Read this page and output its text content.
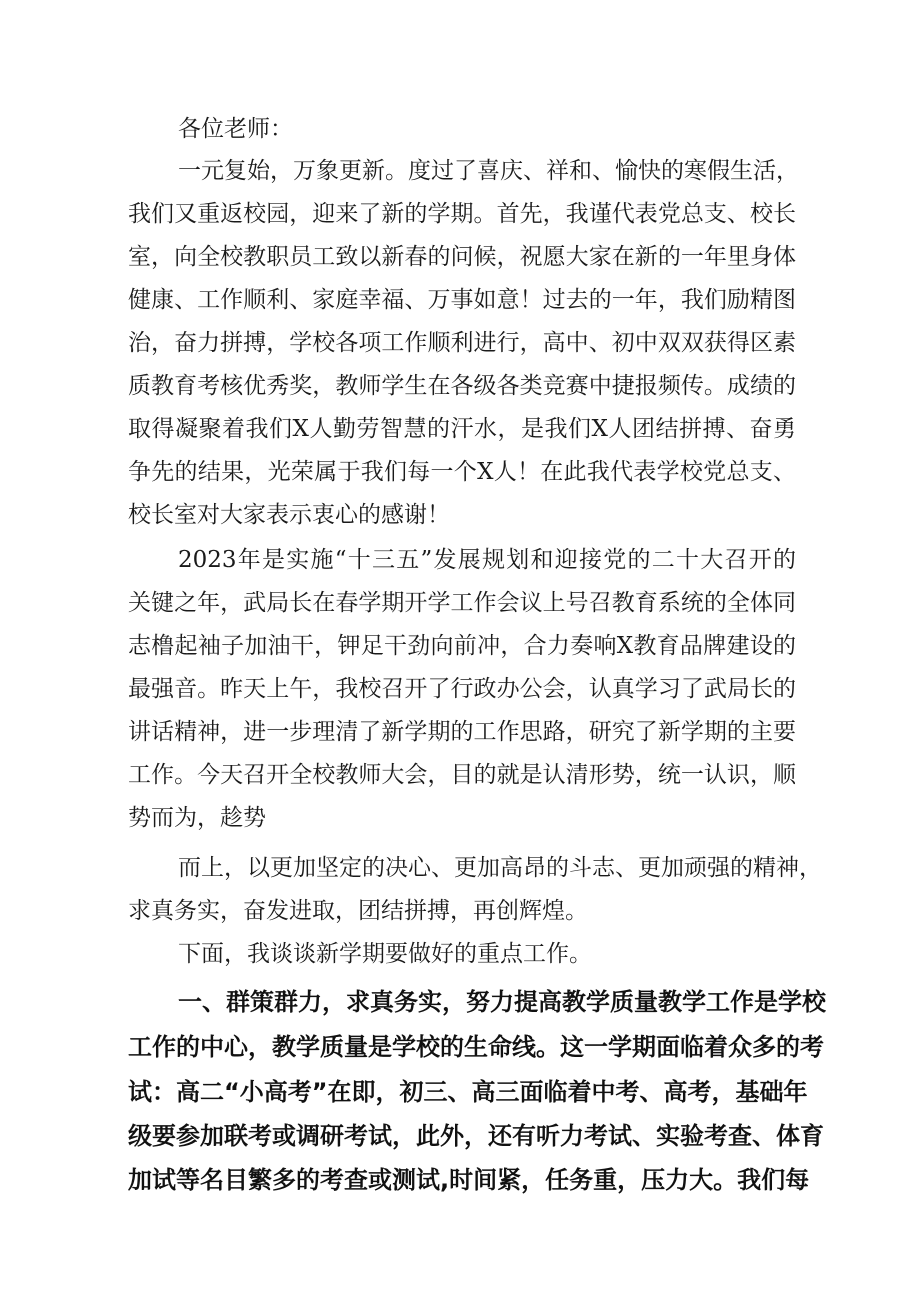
各位老师：
一元复始，万象更新。度过了喜庆、祥和、愉快的寒假生活，
我们又重返校园，迎来了新的学期。首先，我谨代表党总支、校长
室，向全校教职员工致以新春的问候，祝愿大家在新的一年里身体
健康、工作顺利、家庭幸福、万事如意！过去的一年，我们励精图
治，奋力拼搏，学校各项工作顺利进行，高中、初中双双获得区素
质教育考核优秀奖，教师学生在各级各类竞赛中捷报频传。成绩的
取得凝聚着我们X人勤劳智慧的汗水，是我们X人团结拼搏、奋勇
争先的结果，光荣属于我们每一个X人！在此我代表学校党总支、
校长室对大家表示衷心的感谢！
2023年是实施“十三五”发展规划和迎接党的二十大召开的
关键之年，武局长在春学期开学工作会议上号召教育系统的全体同
志橹起袖子加油干，钾足干劲向前冲，合力奏响X教育品牌建设的
最强音。昨天上午，我校召开了行政办公会，认真学习了武局长的
讲话精神，进一步理清了新学期的工作思路，研究了新学期的主要
工作。今天召开全校教师大会，目的就是认清形势，统一认识，顺
势而为，趁势
而上，以更加坚定的决心、更加高昂的斗志、更加顽强的精神，
求真务实，奋发进取，团结拼搏，再创辉煌。
下面，我谈谈新学期要做好的重点工作。
一、群策群力，求真务实，努力提高教学质量教学工作是学校
工作的中心，教学质量是学校的生命线。这一学期面临着众多的考
试：高二“小高考”在即，初三、高三面临着中考、高考，基础年
级要参加联考或调研考试，此外，还有听力考试、实验考查、体育
加试等名目繁多的考查或测试,时间紧，任务重，压力大。我们每
